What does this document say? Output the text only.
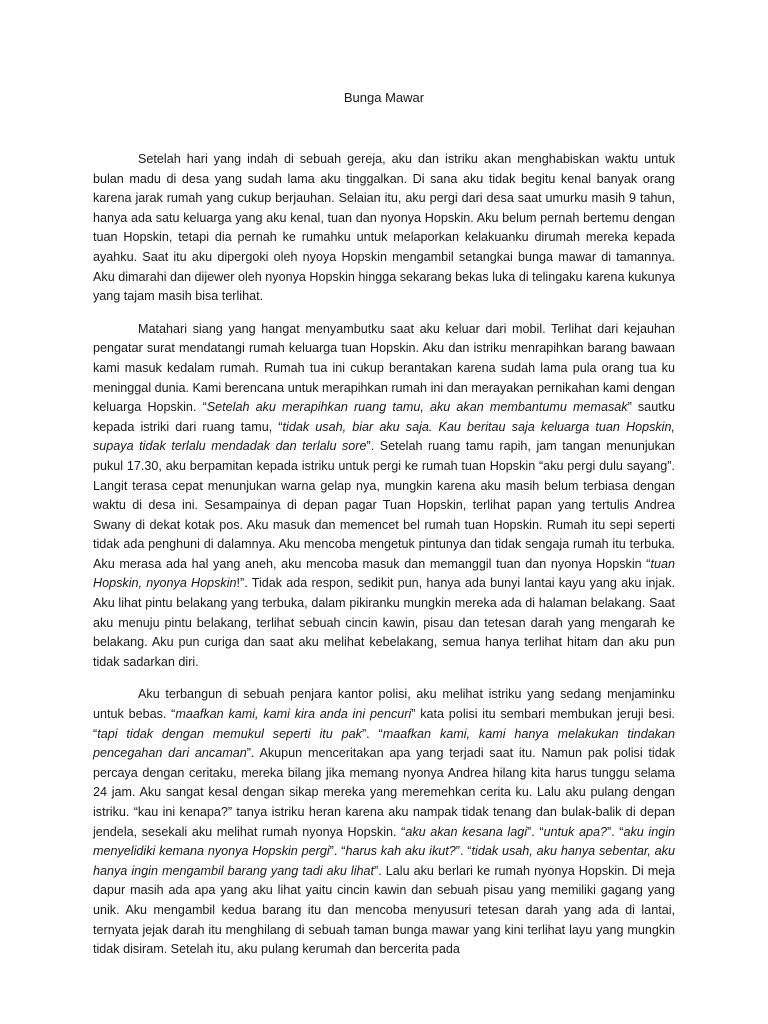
Bunga Mawar

Setelah hari yang indah di sebuah gereja, aku dan istriku akan menghabiskan waktu untuk bulan madu di desa yang sudah lama aku tinggalkan. Di sana aku tidak begitu kenal banyak orang karena jarak rumah yang cukup berjauhan. Selaian itu, aku pergi dari desa saat umurku masih 9 tahun, hanya ada satu keluarga yang aku kenal, tuan dan nyonya Hopskin. Aku belum pernah bertemu dengan tuan Hopskin, tetapi dia pernah ke rumahku untuk melaporkan kelakuanku dirumah mereka kepada ayahku. Saat itu aku dipergoki oleh nyoya Hopskin mengambil setangkai bunga mawar di tamannya. Aku dimarahi dan dijewer oleh nyonya Hopskin hingga sekarang bekas luka di telingaku karena kukunya yang tajam masih bisa terlihat.

Matahari siang yang hangat menyambutku saat aku keluar dari mobil. Terlihat dari kejauhan pengatar surat mendatangi rumah keluarga tuan Hopskin. Aku dan istriku menrapihkan barang bawaan kami masuk kedalam rumah. Rumah tua ini cukup berantakan karena sudah lama pula orang tua ku meninggal dunia. Kami berencana untuk merapihkan rumah ini dan merayakan pernikahan kami dengan keluarga Hopskin. “Setelah aku merapihkan ruang tamu, aku akan membantumu memasak” sautku kepada istriki dari ruang tamu, “tidak usah, biar aku saja. Kau beritau saja keluarga tuan Hopskin, supaya tidak terlalu mendadak dan terlalu sore”. Setelah ruang tamu rapih, jam tangan menunjukan pukul 17.30, aku berpamitan kepada istriku untuk pergi ke rumah tuan Hopskin “aku pergi dulu sayang”. Langit terasa cepat menunjukan warna gelap nya, mungkin karena aku masih belum terbiasa dengan waktu di desa ini. Sesampainya di depan pagar Tuan Hopskin, terlihat papan yang tertulis Andrea Swany di dekat kotak pos. Aku masuk dan memencet bel rumah tuan Hopskin. Rumah itu sepi seperti tidak ada penghuni di dalamnya. Aku mencoba mengetuk pintunya dan tidak sengaja rumah itu terbuka. Aku merasa ada hal yang aneh, aku mencoba masuk dan memanggil tuan dan nyonya Hopskin “tuan Hopskin, nyonya Hopskin!”. Tidak ada respon, sedikit pun, hanya ada bunyi lantai kayu yang aku injak. Aku lihat pintu belakang yang terbuka, dalam pikiranku mungkin mereka ada di halaman belakang. Saat aku menuju pintu belakang, terlihat sebuah cincin kawin, pisau dan tetesan darah yang mengarah ke belakang. Aku pun curiga dan saat aku melihat kebelakang, semua hanya terlihat hitam dan aku pun tidak sadarkan diri.

Aku terbangun di sebuah penjara kantor polisi, aku melihat istriku yang sedang menjaminku untuk bebas. “maafkan kami, kami kira anda ini pencuri” kata polisi itu sembari membukan jeruji besi. “tapi tidak dengan memukul seperti itu pak”. “maafkan kami, kami hanya melakukan tindakan pencegahan dari ancaman”. Akupun menceritakan apa yang terjadi saat itu. Namun pak polisi tidak percaya dengan ceritaku, mereka bilang jika memang nyonya Andrea hilang kita harus tunggu selama 24 jam. Aku sangat kesal dengan sikap mereka yang meremehkan cerita ku. Lalu aku pulang dengan istriku. “kau ini kenapa?” tanya istriku heran karena aku nampak tidak tenang dan bulak-balik di depan jendela, sesekali aku melihat rumah nyonya Hopskin. “aku akan kesana lagi”. “untuk apa?”. “aku ingin menyelidiki kemana nyonya Hopskin pergi”. “harus kah aku ikut?”. “tidak usah, aku hanya sebentar, aku hanya ingin mengambil barang yang tadi aku lihat”. Lalu aku berlari ke rumah nyonya Hopskin. Di meja dapur masih ada apa yang aku lihat yaitu cincin kawin dan sebuah pisau yang memiliki gagang yang unik. Aku mengambil kedua barang itu dan mencoba menyusuri tetesan darah yang ada di lantai, ternyata jejak darah itu menghilang di sebuah taman bunga mawar yang kini terlihat layu yang mungkin tidak disiram. Setelah itu, aku pulang kerumah dan bercerita pada
